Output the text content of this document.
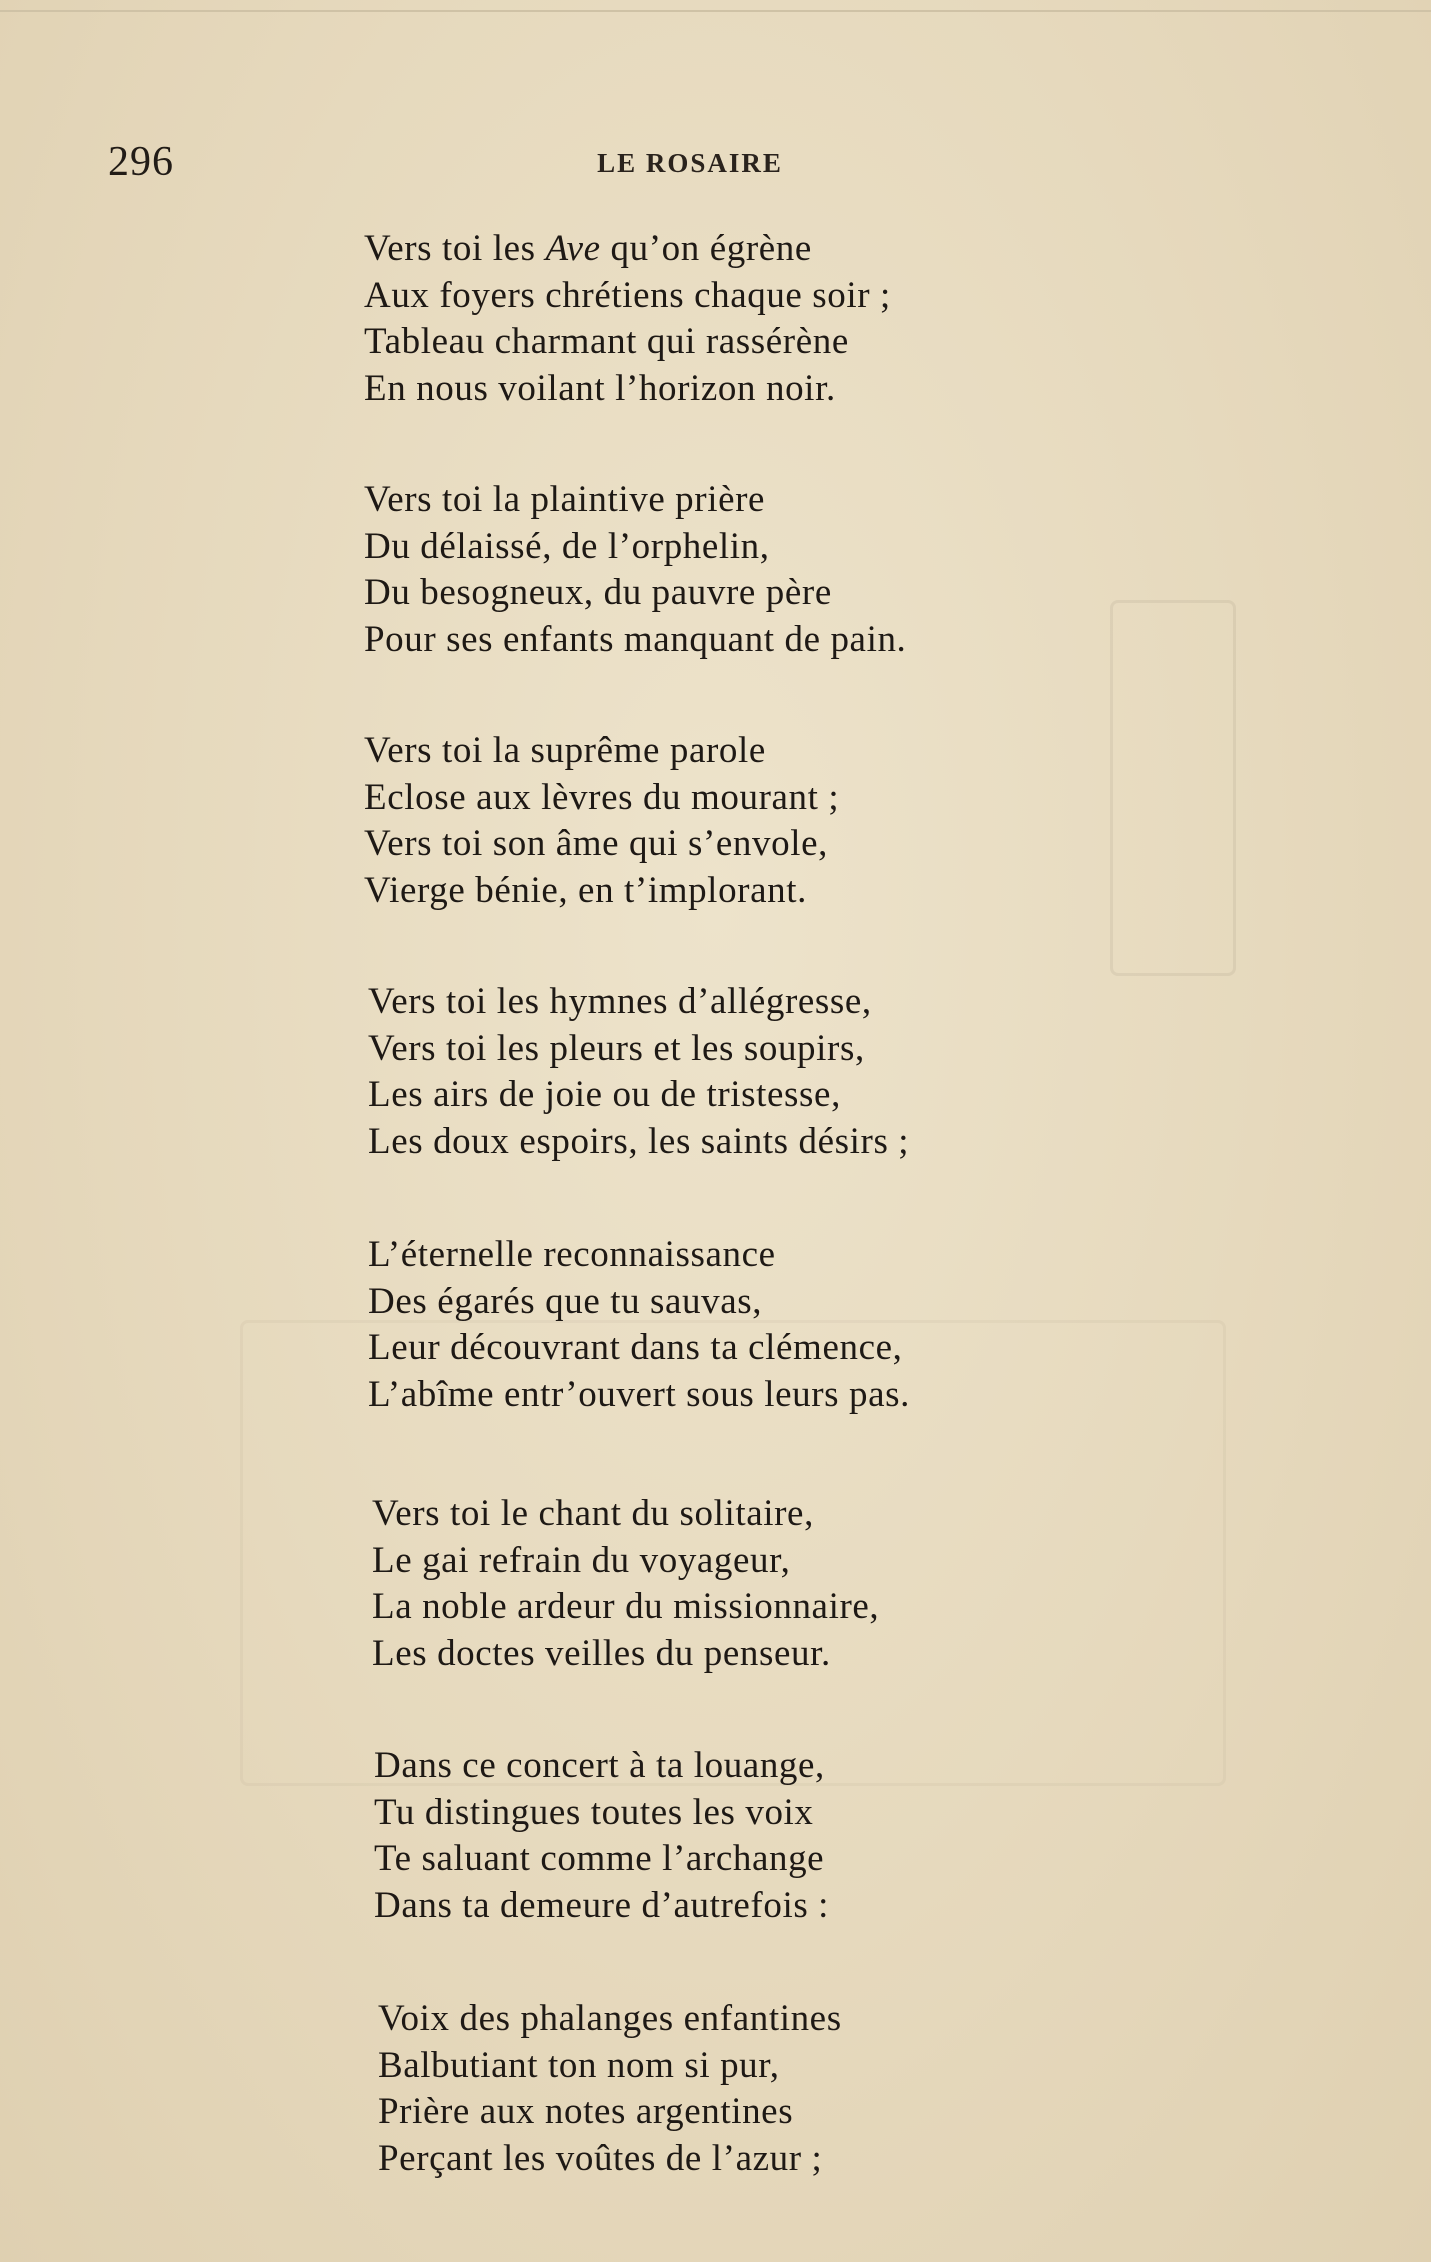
296	LE ROSAIRE
Vers toi les Ave qu’on égrène
Aux foyers chrétiens chaque soir ;
Tableau charmant qui rassérène
En nous voilant l’horizon noir.
Vers toi la plaintive prière
Du délaissé, de l’orphelin,
Du besogneux, du pauvre père
Pour ses enfants manquant de pain.
Vers toi la suprême parole
Eclose aux lèvres du mourant ;
Vers toi son âme qui s’envole,
Vierge bénie, en t’implorant.
Vers toi les hymnes d’allégresse,
Vers toi les pleurs et les soupirs,
Les airs de joie ou de tristesse,
Les doux espoirs, les saints désirs ;
L’éternelle reconnaissance
Des égarés que tu sauvas,
Leur découvrant dans ta clémence,
L’abîme entr’ouvert sous leurs pas.
Vers toi le chant du solitaire,
Le gai refrain du voyageur,
La noble ardeur du missionnaire,
Les doctes veilles du penseur.
Dans ce concert à ta louange,
Tu distingues toutes les voix
Te saluant comme l’archange
Dans ta demeure d’autrefois :
Voix des phalanges enfantines
Balbutiant ton nom si pur,
Prière aux notes argentines
Perçant les voûtes de l’azur ;
